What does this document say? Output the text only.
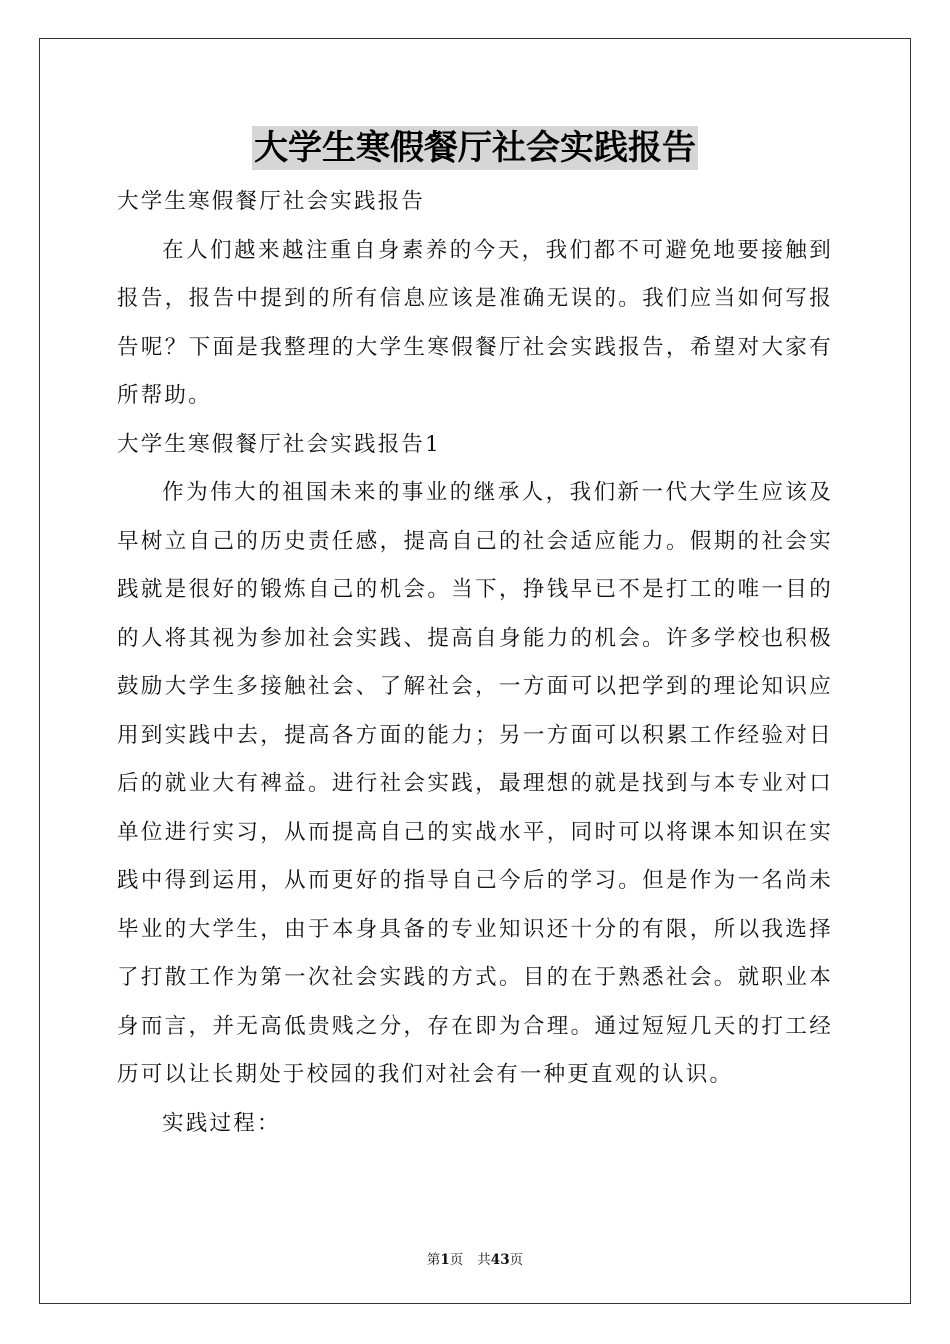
大学生寒假餐厅社会实践报告

大学生寒假餐厅社会实践报告

在人们越来越注重自身素养的今天，我们都不可避免地要接触到报告，报告中提到的所有信息应该是准确无误的。我们应当如何写报告呢？下面是我整理的大学生寒假餐厅社会实践报告，希望对大家有所帮助。

大学生寒假餐厅社会实践报告1

作为伟大的祖国未来的事业的继承人，我们新一代大学生应该及早树立自己的历史责任感，提高自己的社会适应能力。假期的社会实践就是很好的锻炼自己的机会。当下，挣钱早已不是打工的唯一目的的人将其视为参加社会实践、提高自身能力的机会。许多学校也积极鼓励大学生多接触社会、了解社会，一方面可以把学到的理论知识应用到实践中去，提高各方面的能力；另一方面可以积累工作经验对日后的就业大有裨益。进行社会实践，最理想的就是找到与本专业对口单位进行实习，从而提高自己的实战水平，同时可以将课本知识在实践中得到运用，从而更好的指导自己今后的学习。但是作为一名尚未毕业的大学生，由于本身具备的专业知识还十分的有限，所以我选择了打散工作为第一次社会实践的方式。目的在于熟悉社会。就职业本身而言，并无高低贵贱之分，存在即为合理。通过短短几天的打工经历可以让长期处于校园的我们对社会有一种更直观的认识。

实践过程：

第1页 共43页
